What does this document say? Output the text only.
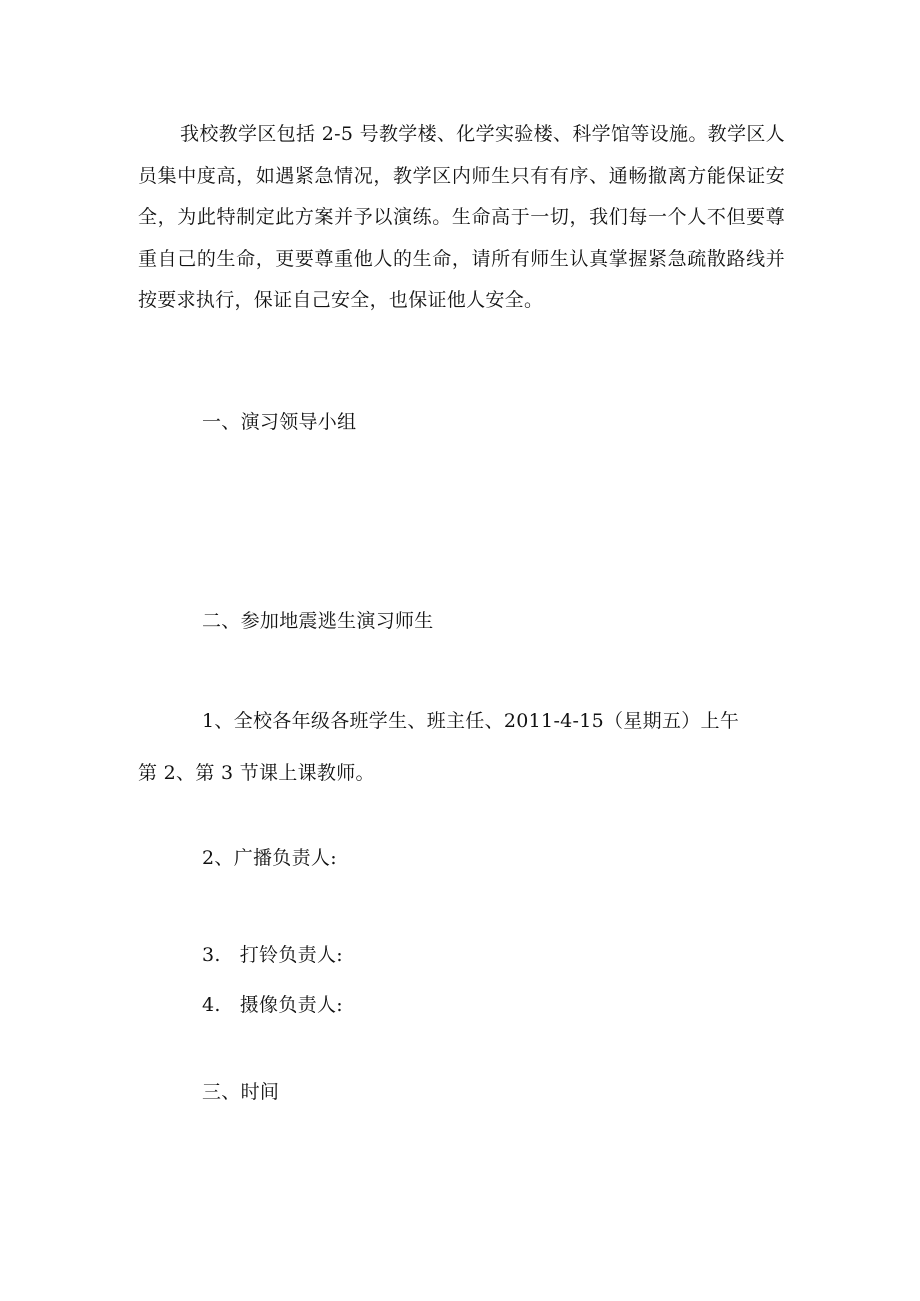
我校教学区包括 2-5 号教学楼、化学实验楼、科学馆等设施。教学区人员集中度高，如遇紧急情况，教学区内师生只有有序、通畅撤离方能保证安全，为此特制定此方案并予以演练。生命高于一切，我们每一个人不但要尊重自己的生命，更要尊重他人的生命，请所有师生认真掌握紧急疏散路线并按要求执行，保证自己安全，也保证他人安全。

一、演习领导小组
二、参加地震逃生演习师生
1、全校各年级各班学生、班主任、2011-4-15（星期五）上午
第 2、第 3 节课上课教师。
2、广播负责人:
3.   打铃负责人:
4.   摄像负责人:
三、时间
